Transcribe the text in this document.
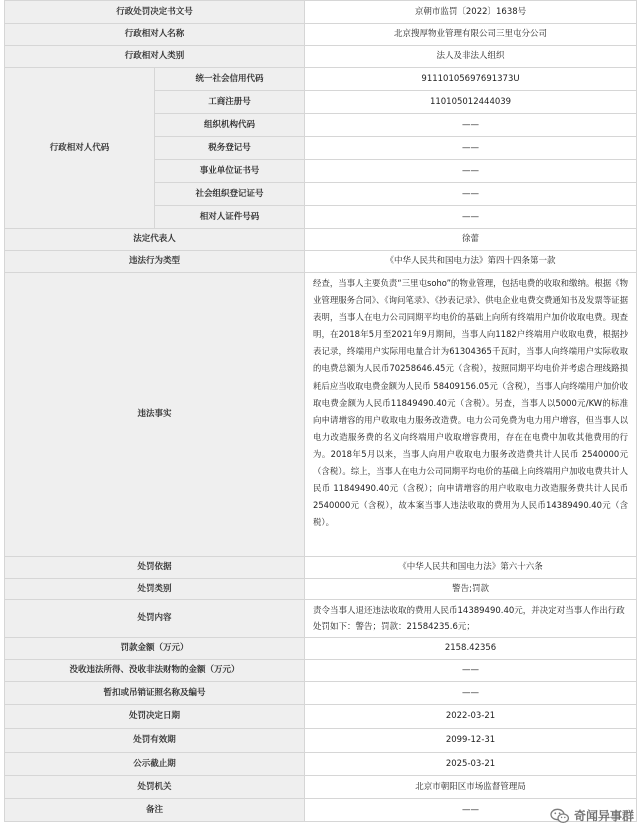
行政处罚决定书文号		京朝市监罚〔2022〕1638号
行政相对人名称		北京搜厚物业管理有限公司三里屯分公司
行政相对人类别		法人及非法人组织
行政相对人代码	统一社会信用代码	91110105697691373U
	工商注册号	110105012444039
	组织机构代码	——
	税务登记号	——
	事业单位证书号	——
	社会组织登记证号	——
	相对人证件号码	——
法定代表人		徐蕾
违法行为类型		《中华人民共和国电力法》第四十四条第一款
违法事实		经查，当事人主要负责“三里屯soho”的物业管理，包括电费的收取和缴纳。根据《物业管理服务合同》、《询问笔录》、《抄表记录》、供电企业电费交费通知书及发票等证据表明，当事人在电力公司同期平均电价的基础上向所有终端用户加价收取电费。现查明，在2018年5月至2021年9月期间，当事人向1182户终端用户收取电费，根据抄表记录，终端用户实际用电量合计为61304365千瓦时，当事人向终端用户实际收取的电费总额为人民币70258646.45元（含税），按照同期平均电价并考虑合理线路损耗后应当收取电费金额为人民币 58409156.05元（含税），当事人向终端用户加价收取电费金额为人民币11849490.40元（含税）。另查，当事人以5000元/KW的标准向申请增容的用户收取电力服务改造费。电力公司免费为电力用户增容，但当事人以电力改造服务费的名义向终端用户收取增容费用，存在在电费中加收其他费用的行为。2018年5月以来，当事人向用户收取电力服务改造费共计人民币 2540000元（含税）。综上，当事人在电力公司同期平均电价的基础上向终端用户加收电费共计人民币 11849490.40元（含税）；向申请增容的用户收取电力改造服务费共计人民币2540000元（含税），故本案当事人违法收取的费用为人民币14389490.40元（含税）。
处罚依据		《中华人民共和国电力法》第六十六条
处罚类别		警告;罚款
处罚内容		责令当事人退还违法收取的费用人民币14389490.40元，并决定对当事人作出行政处罚如下：警告；罚款：21584235.6元；
罚款金额（万元）		2158.42356
没收违法所得、没收非法财物的金额（万元）		——
暂扣或吊销证照名称及编号		——
处罚决定日期		2022-03-21
处罚有效期		2099-12-31
公示截止期		2025-03-21
处罚机关		北京市朝阳区市场监督管理局
备注		——	奇闻异事群
